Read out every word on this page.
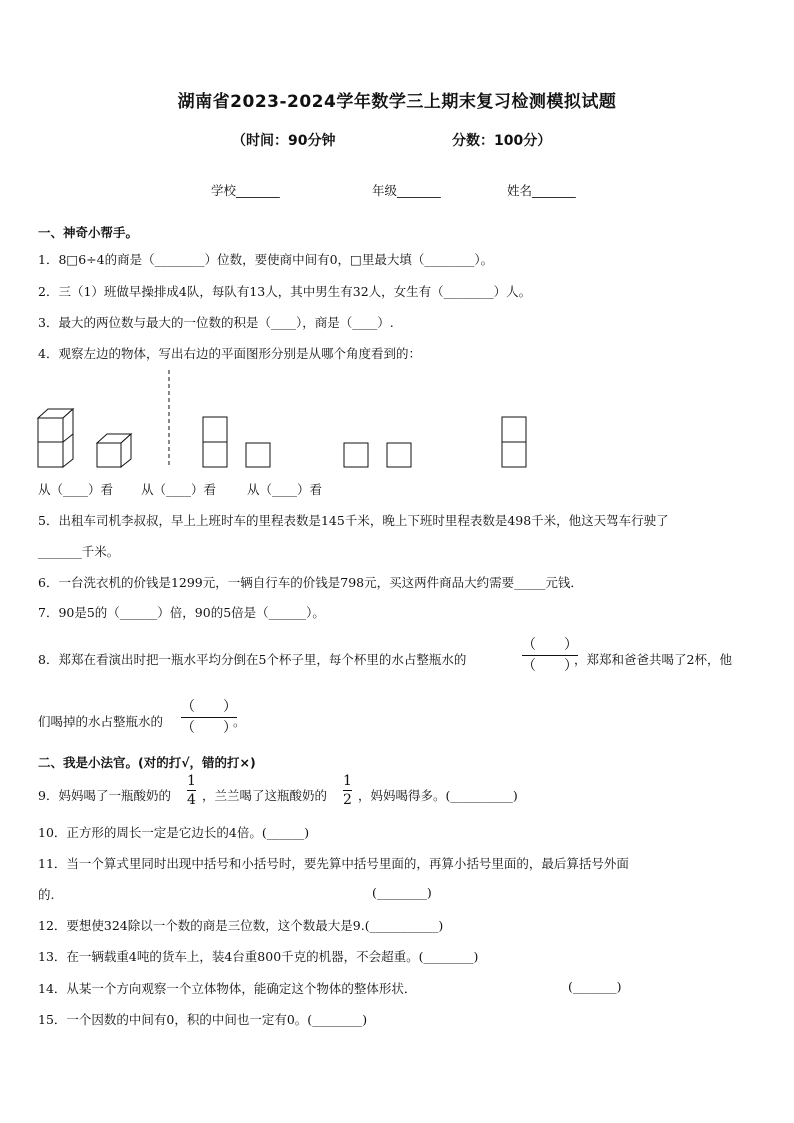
湖南省2023-2024学年数学三上期末复习检测模拟试题
（时间：90分钟	分数：100分）
学校_______	年级_______	姓名_______
一、神奇小帮手。
1．8□6÷4的商是（________）位数，要使商中间有0，□里最大填（________）。
2．三（1）班做早操排成4队，每队有13人，其中男生有32人，女生有（________）人。
3．最大的两位数与最大的一位数的积是（____），商是（____）.
4．观察左边的物体，写出右边的平面图形分别是从哪个角度看到的：
从（____）看 从（____）看 从（____）看
5．出租车司机李叔叔，早上上班时车的里程表数是145千米，晚上下班时里程表数是498千米，他这天驾车行驶了
_______千米。
6．一台洗衣机的价钱是1299元，一辆自行车的价钱是798元，买这两件商品大约需要_____元钱．
7．90是5的（______）倍，90的5倍是（______）。
8．郑郑在看演出时把一瓶水平均分倒在5个杯子里，每个杯里的水占整瓶水的	$\frac{( )}{( )}$
，郑郑和爸爸共喝了2杯，他
们喝掉的水占整瓶水的 $\frac{( )}{( )}$
。
二、我是小法官。(对的打√，错的打×)
9．妈妈喝了一瓶酸奶的 $\frac{1}{4}$ ，兰兰喝了这瓶酸奶的 $\frac{1}{2}$ ，妈妈喝得多。(__________)
10．正方形的周长一定是它边长的4倍。(______)
11．当一个算式里同时出现中括号和小括号时，要先算中括号里面的，再算小括号里面的，最后算括号外面
的.	(________)
12．要想使324除以一个数的商是三位数，这个数最大是9.(___________)
13．在一辆载重4吨的货车上，装4台重800千克的机器，不会超重。(________)
14．从某一个方向观察一个立体物体，能确定这个物体的整体形状．	(_______)
15．一个因数的中间有0，积的中间也一定有0。(________)
